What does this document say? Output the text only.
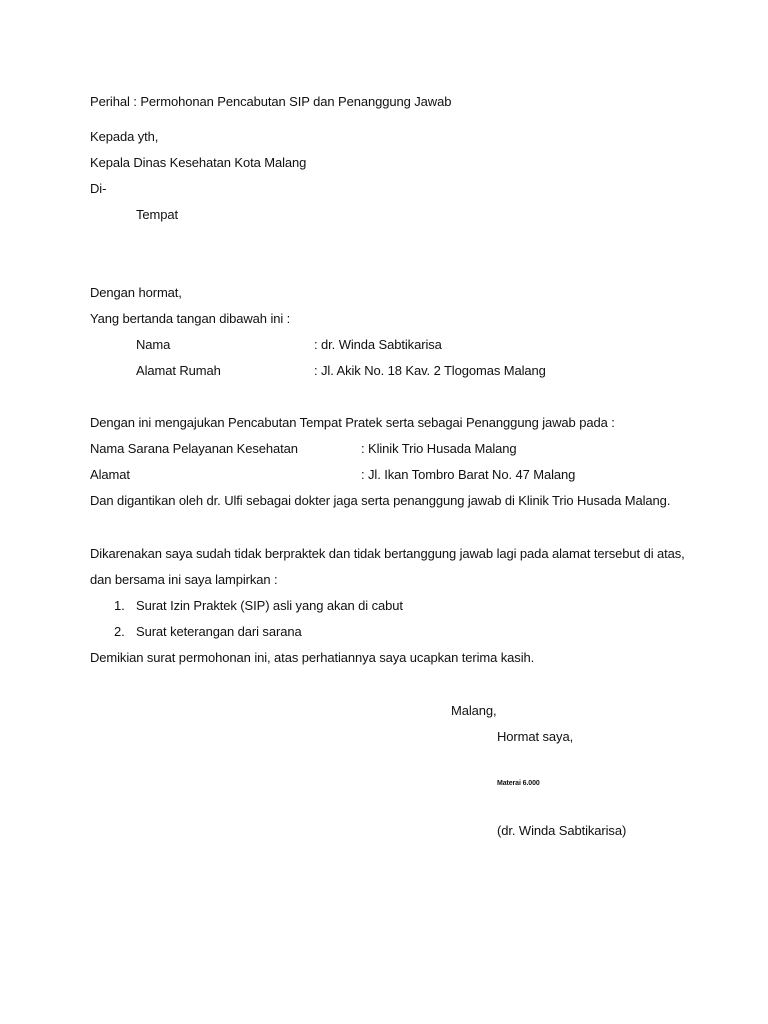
Perihal : Permohonan Pencabutan SIP dan Penanggung Jawab
Kepada yth,
Kepala Dinas Kesehatan Kota Malang
Di-
Tempat
Dengan hormat,
Yang bertanda tangan dibawah ini :
Nama	: dr. Winda Sabtikarisa
Alamat Rumah	: Jl. Akik No. 18 Kav. 2 Tlogomas Malang
Dengan ini mengajukan Pencabutan Tempat Pratek serta sebagai Penanggung jawab pada :
Nama Sarana Pelayanan Kesehatan	: Klinik Trio Husada Malang
Alamat	: Jl. Ikan Tombro Barat No. 47 Malang
Dan digantikan oleh dr. Ulfi sebagai dokter jaga serta penanggung jawab di Klinik Trio Husada Malang.
Dikarenakan saya sudah tidak berpraktek dan tidak bertanggung jawab lagi pada alamat tersebut di atas,
dan bersama ini saya lampirkan :
1. Surat Izin Praktek (SIP) asli yang akan di cabut
2. Surat keterangan dari sarana
Demikian surat permohonan ini, atas perhatiannya saya ucapkan terima kasih.
Malang,
Hormat saya,
Materai 6.000
(dr. Winda Sabtikarisa)
